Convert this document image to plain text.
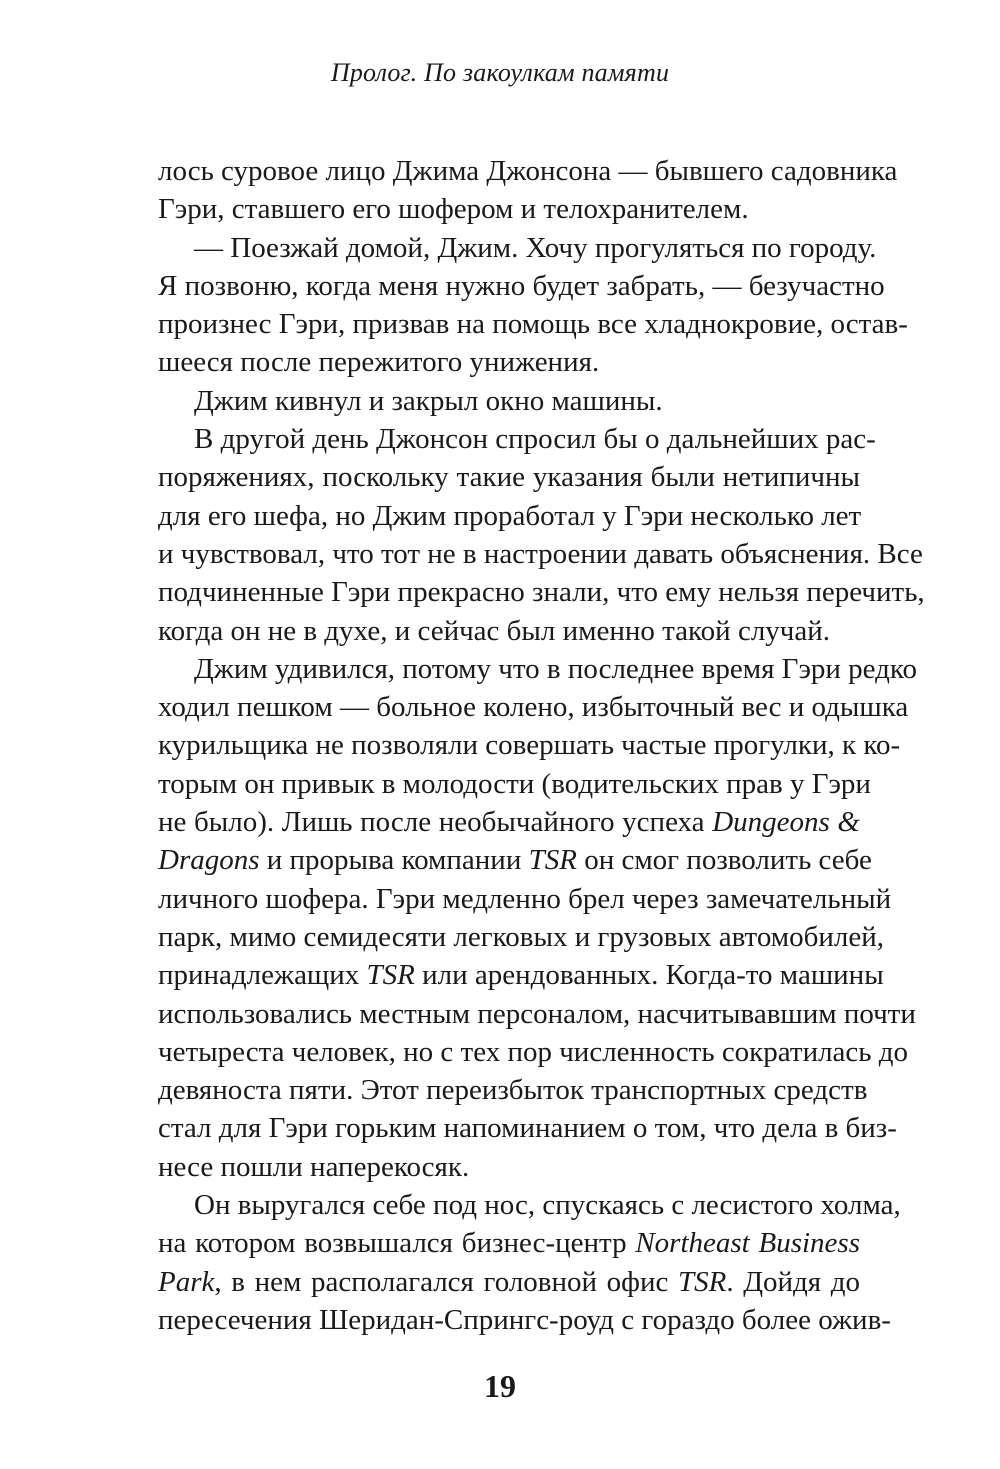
Пролог. По закоулкам памяти
лось суровое лицо Джима Джонсона — бывшего садовника
Гэри, ставшего его шофером и телохранителем.
— Поезжай домой, Джим. Хочу прогуляться по городу.
Я позвоню, когда меня нужно будет забрать, — безучастно
произнес Гэри, призвав на помощь все хладнокровие, остав-
шееся после пережитого унижения.
Джим кивнул и закрыл окно машины.
В другой день Джонсон спросил бы о дальнейших рас-
поряжениях, поскольку такие указания были нетипичны
для его шефа, но Джим проработал у Гэри несколько лет
и чувствовал, что тот не в настроении давать объяснения. Все
подчиненные Гэри прекрасно знали, что ему нельзя перечить,
когда он не в духе, и сейчас был именно такой случай.
Джим удивился, потому что в последнее время Гэри редко
ходил пешком — больное колено, избыточный вес и одышка
курильщика не позволяли совершать частые прогулки, к ко-
торым он привык в молодости (водительских прав у Гэри
не было). Лишь после необычайного успеха Dungeons &
Dragons и прорыва компании TSR он смог позволить себе
личного шофера. Гэри медленно брел через замечательный
парк, мимо семидесяти легковых и грузовых автомобилей,
принадлежащих TSR или арендованных. Когда-то машины
использовались местным персоналом, насчитывавшим почти
четыреста человек, но с тех пор численность сократилась до
девяноста пяти. Этот переизбыток транспортных средств
стал для Гэри горьким напоминанием о том, что дела в биз-
несе пошли наперекосяк.
Он выругался себе под нос, спускаясь с лесистого холма,
на котором возвышался бизнес-центр Northeast Business
Park, в нем располагался головной офис TSR. Дойдя до
пересечения Шеридан-Спрингс-роуд с гораздо более ожив-
19
